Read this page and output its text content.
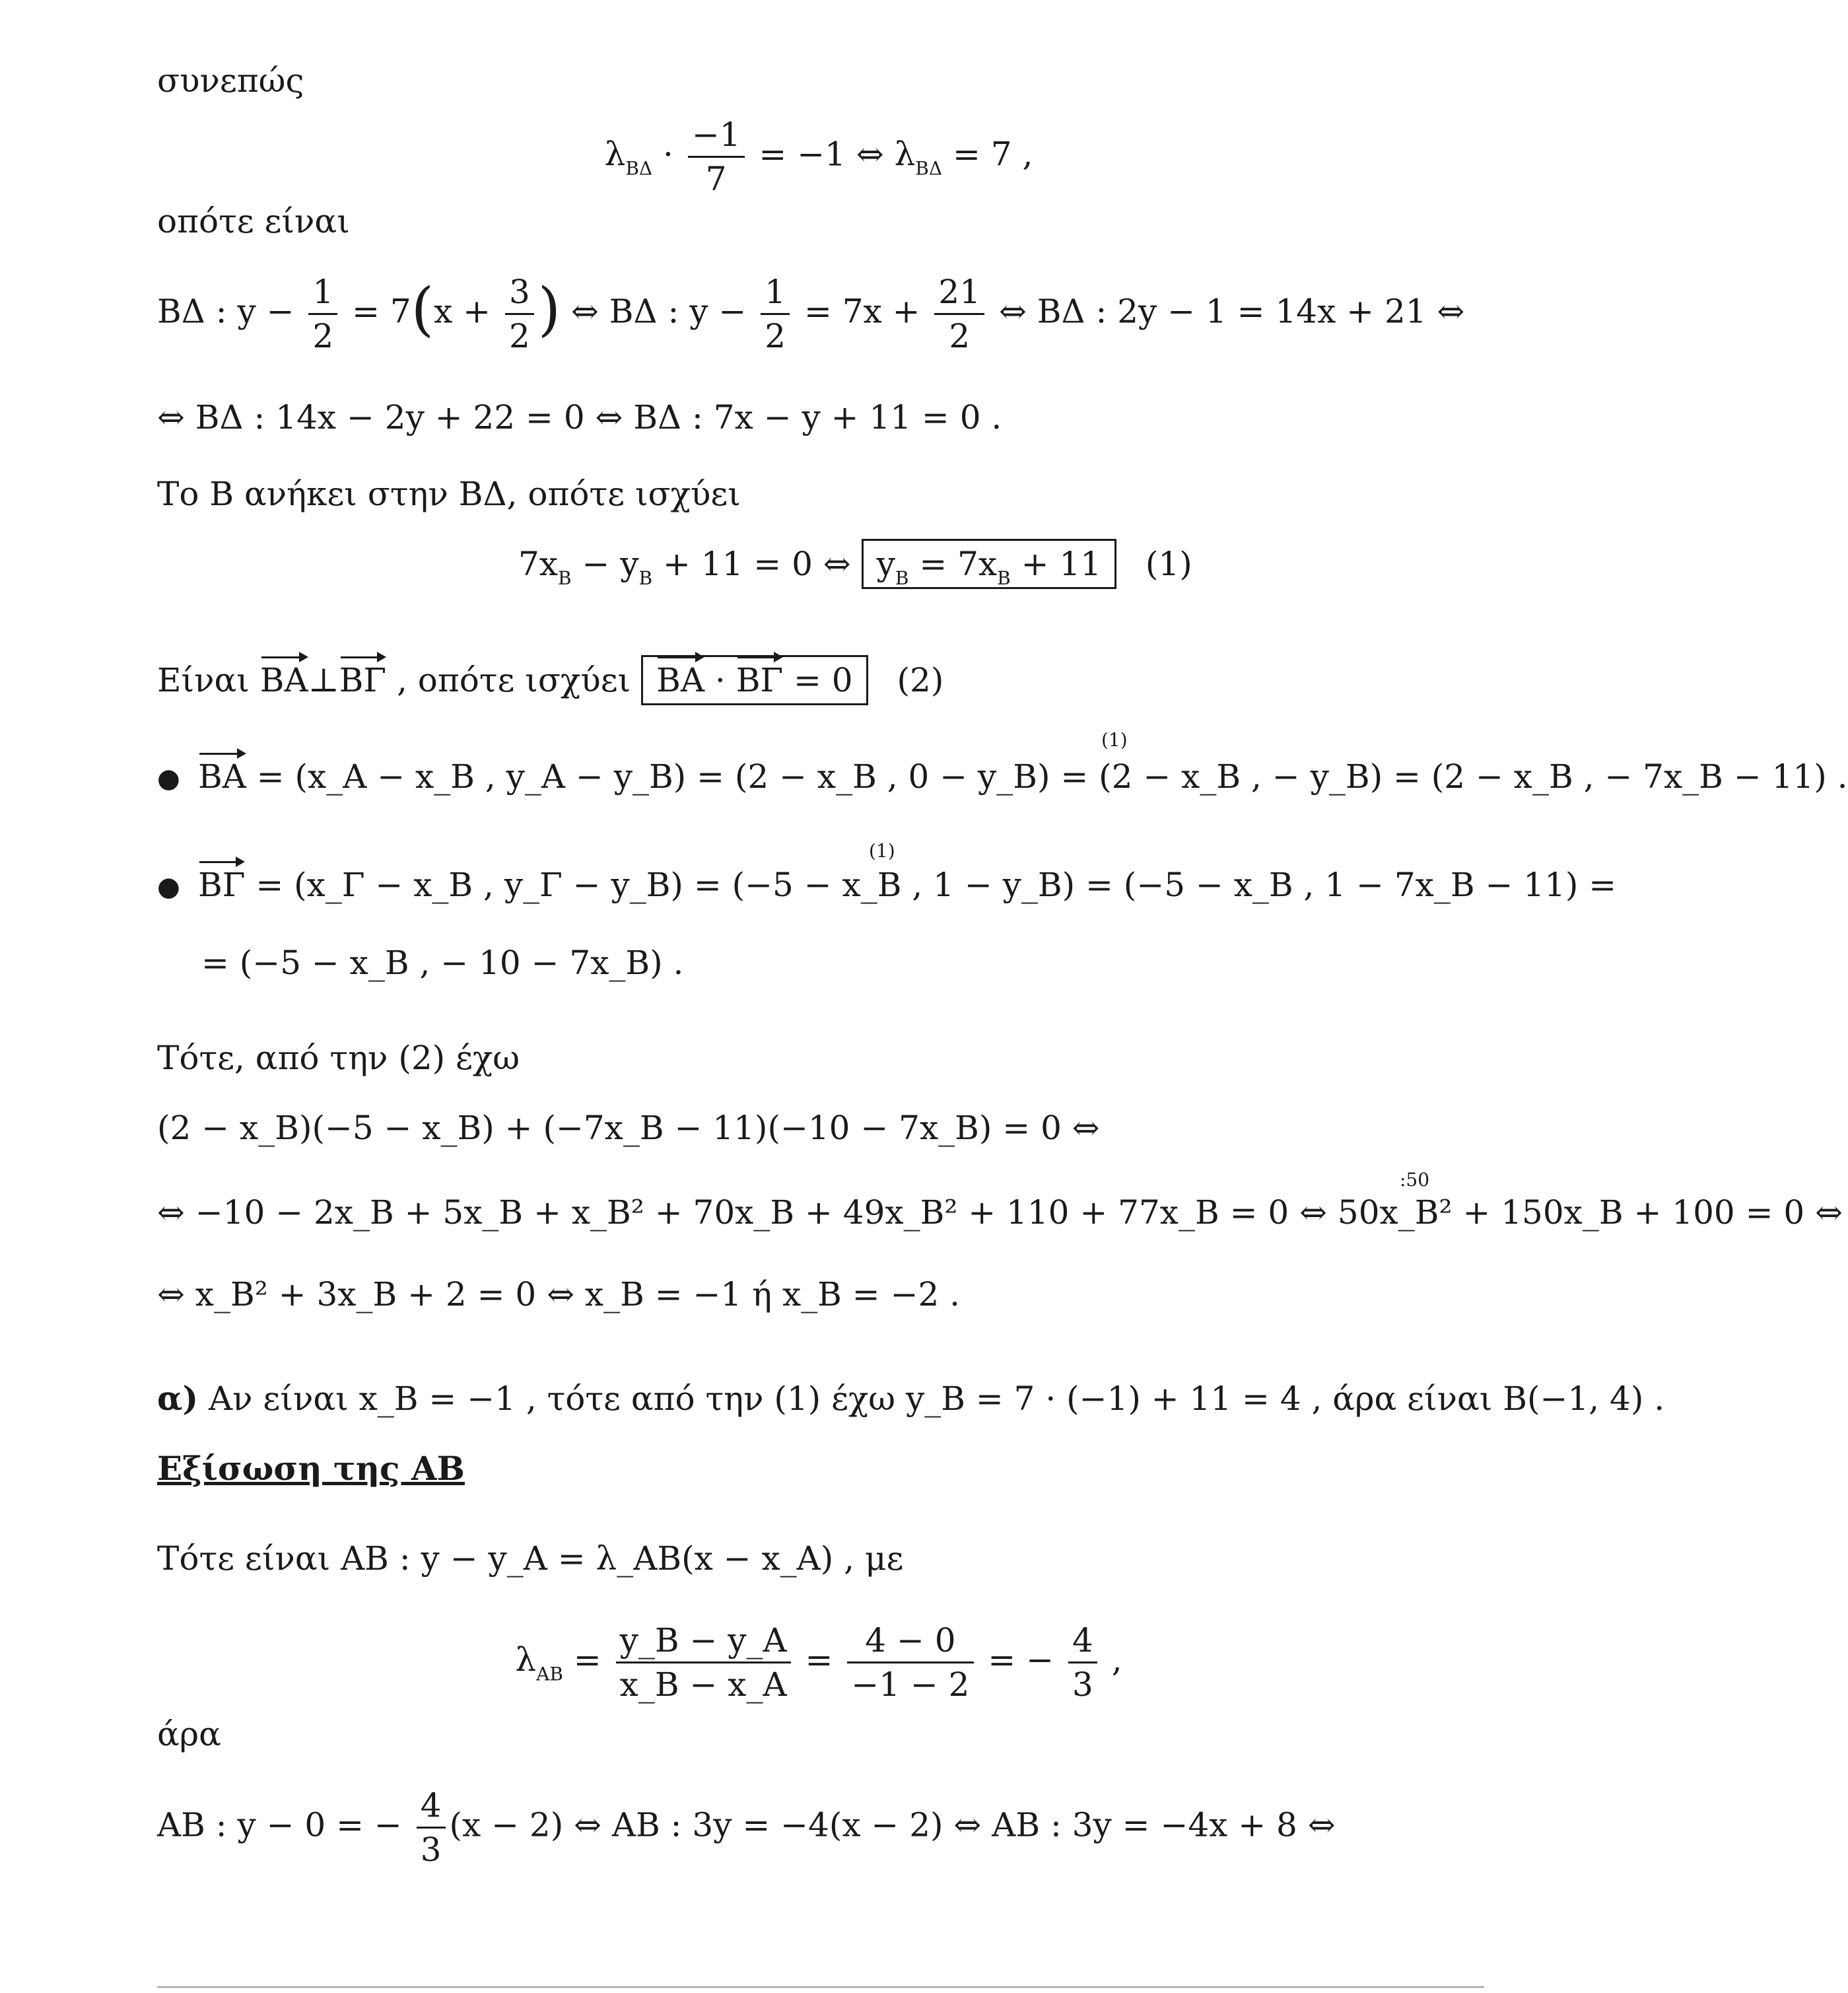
συνεπώς
$\lambda_{B\Delta} \cdot \frac{-1}{7} = -1$ ⇔ $\lambda_{B\Delta} = 7$ ,
οπότε είναι
ΒΔ : $y - \frac{1}{2} = 7(x + \frac{3}{2}$ ) ⇔ ΒΔ : $y - \frac{1}{2} = 7x + \frac{21}{2}$ ⇔ ΒΔ : 2y − 1 = 14x + 21 ⇔
⇔ ΒΔ : 14x − 2y + 22 = 0 ⇔ ΒΔ : 7x − y + 11 = 0 .
Το Β ανήκει στην ΒΔ, οπότε ισχύει
$7x_B - y_B + 11 = 0$ ⇔ $y_B = 7x_B + 11$ (1)
Είναι ΒΑ⊥ΒΓ , οπότε ισχύει ΒΑ · ΒΓ = 0 (2)
●
(1)
ΒΑ = (x_Α − x_Β , y_Α − y_Β) = (2 − x_Β , 0 − y_Β) = (2 − x_Β , − y_Β) = (2 − x_Β , − 7x_Β − 11) .
●
(1)
ΒΓ = (x_Γ − x_Β , y_Γ − y_Β) = (−5 − x_Β , 1 − y_Β) = (−5 − x_Β , 1 − 7x_Β − 11) =
= (−5 − x_Β , − 10 − 7x_Β) .
Τότε, από την (2) έχω
(2 − x_Β)(−5 − x_Β) + (−7x_Β − 11)(−10 − 7x_Β) = 0 ⇔
:50
⇔ −10 − 2x_Β + 5x_Β + x_Β² + 70x_Β + 49x_Β² + 110 + 77x_Β = 0 ⇔ 50x_Β² + 150x_Β + 100 = 0 ⇔
⇔ x_Β² + 3x_Β + 2 = 0 ⇔ x_Β = −1 ή x_Β = −2 .
α) Αν είναι x_Β = −1 , τότε από την (1) έχω y_Β = 7 · (−1) + 11 = 4 , άρα είναι Β(−1, 4) .
Εξίσωση της ΑΒ
Τότε είναι ΑΒ : y − y_Α = λ_ΑΒ(x − x_Α) , με
$\lambda_{AB} = \frac{y\_B - y\_A}{x\_B - x\_A} = \frac{4 - 0}{-1 - 2}$ = − $\frac{4}{3}$ ,
άρα
ΑΒ : y − 0 = − $\frac{4}{3} (x - 2)$ ⇔ ΑΒ : 3y = −4(x − 2) ⇔ ΑΒ : 3y = −4x + 8 ⇔
